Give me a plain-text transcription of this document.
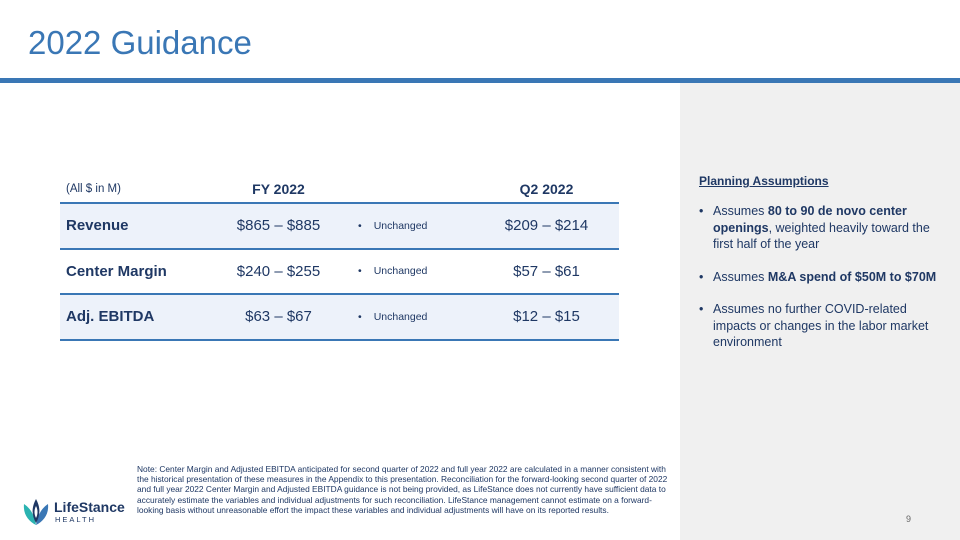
2022 Guidance
Planning Assumptions
• Assumes 80 to 90 de novo center openings, weighted heavily toward the first half of the year
• Assumes M&A spend of $50M to $70M
• Assumes no further COVID-related impacts or changes in the labor market environment
(All $ in M)	FY 2022		Q2 2022
Revenue	$865 – $885	• Unchanged	$209 – $214
Center Margin	$240 – $255	• Unchanged	$57 – $61
Adj. EBITDA	$63 – $67	• Unchanged	$12 – $15
LifeStance
HEALTH

Note: Center Margin and Adjusted EBITDA anticipated for second quarter of 2022 and full year 2022 are calculated in a manner consistent with the historical presentation of these measures in the Appendix to this presentation. Reconciliation for the forward-looking second quarter of 2022 and full year 2022 Center Margin and Adjusted EBITDA guidance is not being provided, as LifeStance does not currently have sufficient data to accurately estimate the variables and individual adjustments for such reconciliation. LifeStance management cannot estimate on a forward-looking basis without unreasonable effort the impact these variables and individual adjustments will have on its reported results.

9
